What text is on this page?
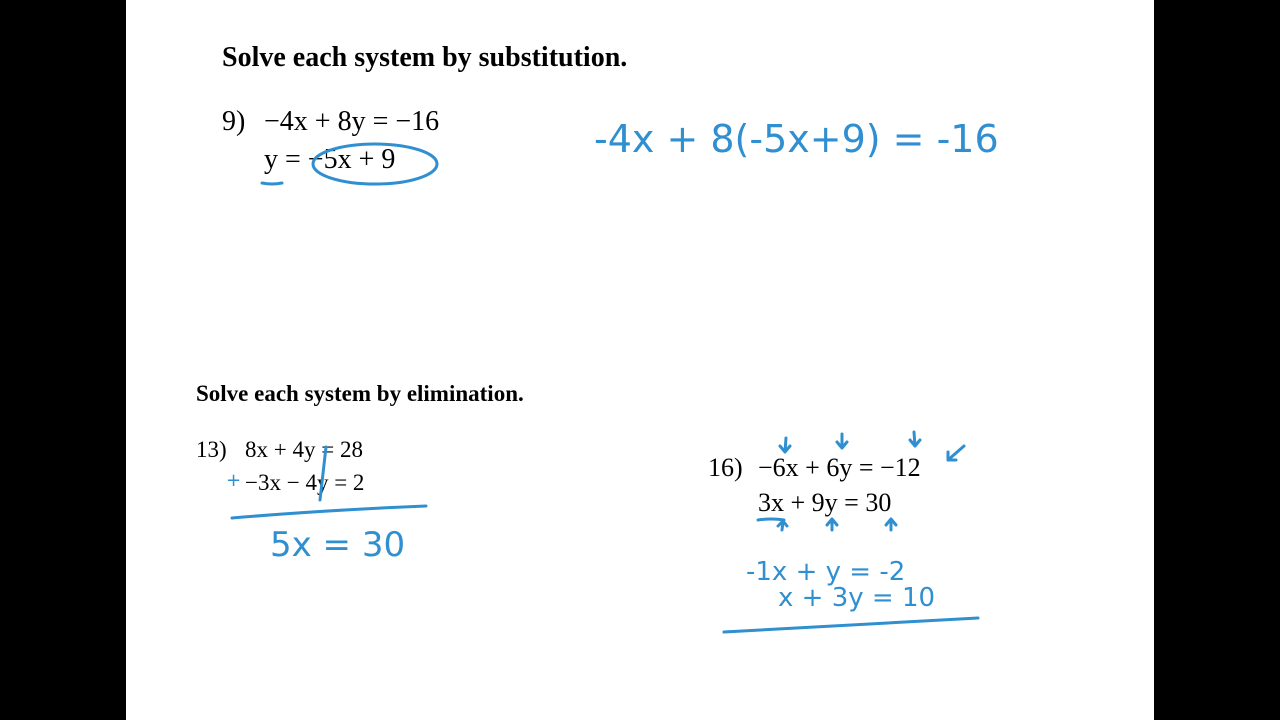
Solve each system by substitution.
9) −4x + 8y = −16
y = −5x + 9
Solve each system by elimination.
13) 8x + 4y = 28
−3x − 4y = 2
16) −6x + 6y = −12
3x + 9y = 30
-4x + 8(-5x+9) = -16
+
5x = 30
-1x + y = -2
x + 3y = 10
